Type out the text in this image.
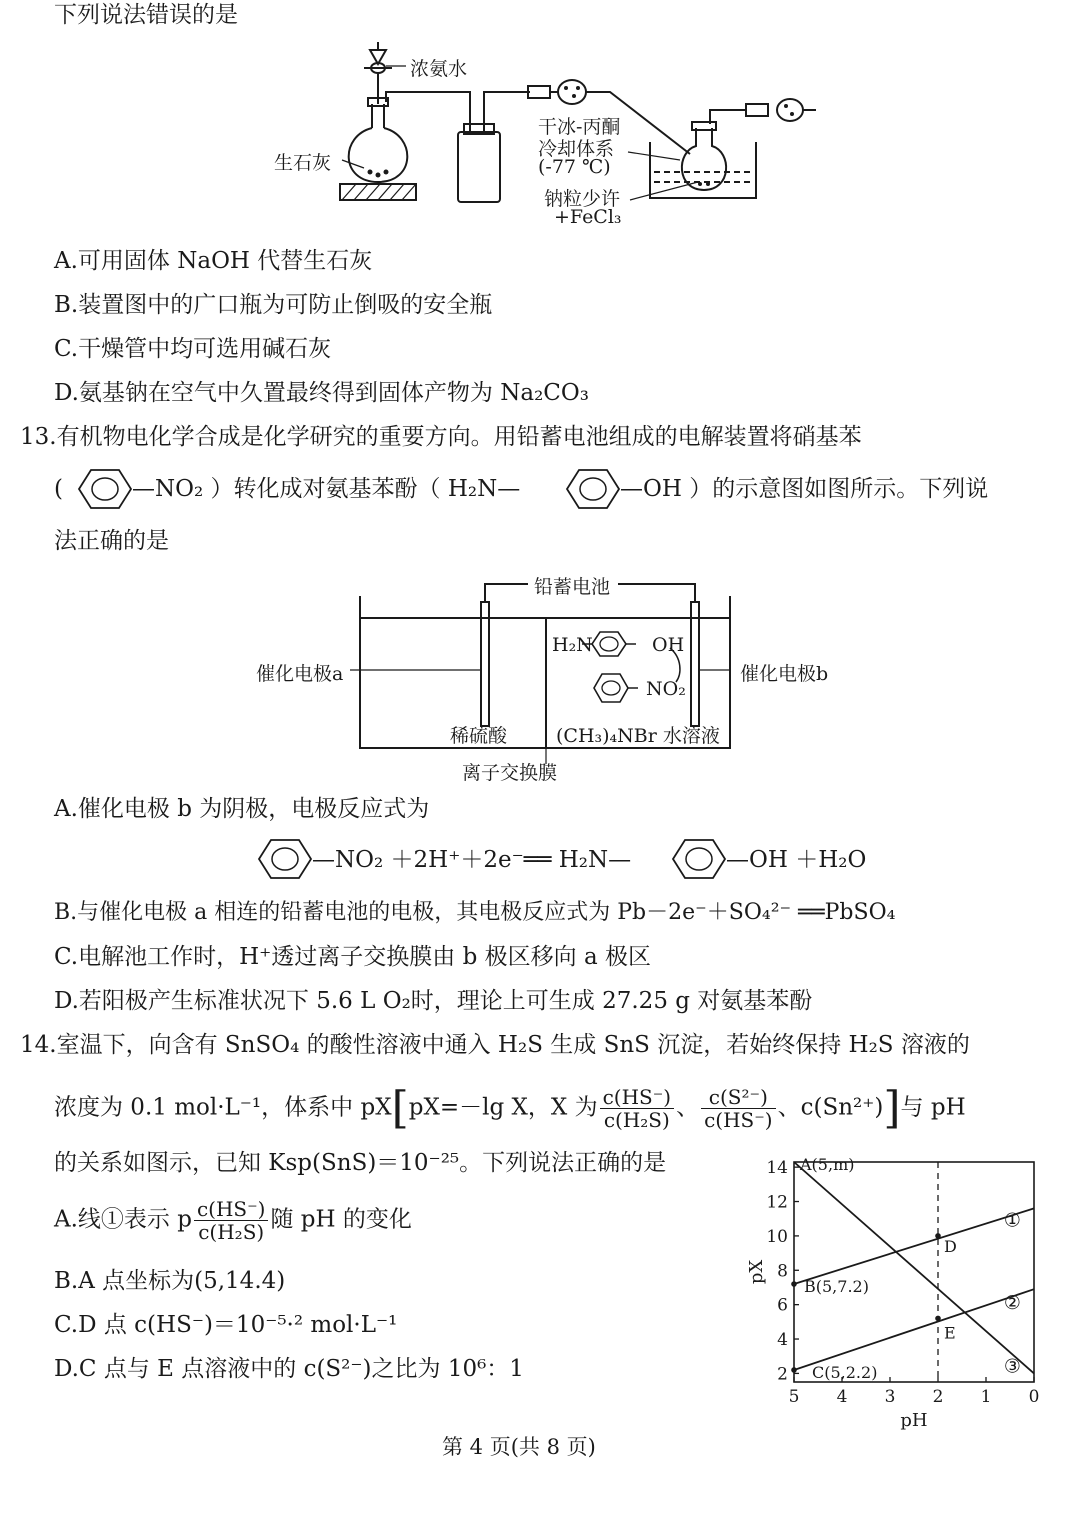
下列说法错误的是
浓氨水
生石灰
干冰-丙酮
冷却体系
(-77 ℃)
钠粒少许
+FeCl₃
A.可用固体 NaOH 代替生石灰
B.装置图中的广口瓶为可防止倒吸的安全瓶
C.干燥管中均可选用碱石灰
D.氨基钠在空气中久置最终得到固体产物为 Na₂CO₃
13.有机物电化学合成是化学研究的重要方向。用铅蓄电池组成的电解装置将硝基苯
(	—NO₂ ）转化成对氨基苯酚（ H₂N—	—OH ）的示意图如图所示。下列说
法正确的是
铅蓄电池
催化电极a	催化电极b
H₂N	OH
NO₂
稀硫酸	(CH₃)₄NBr 水溶液
离子交换膜
A.催化电极 b 为阴极，电极反应式为
—NO₂ ＋2H⁺＋2e⁻══ H₂N—	—OH ＋H₂O
B.与催化电极 a 相连的铅蓄电池的电极，其电极反应式为 Pb－2e⁻＋SO₄²⁻ ══PbSO₄
C.电解池工作时，H⁺透过离子交换膜由 b 极区移向 a 极区
D.若阳极产生标准状况下 5.6 L O₂时，理论上可生成 27.25 g 对氨基苯酚
14.室温下，向含有 SnSO₄ 的酸性溶液中通入 H₂S 生成 SnS 沉淀，若始终保持 H₂S 溶液的
浓度为 0.1 mol·L⁻¹，体系中 pX[pX=－lg X，X 为 $\frac{c(HS^-)}{\text{c(H₂S)}}$ 、 $\frac{\text{c(S²⁻)}}{c(HS^-)}$ 、c(Sn²⁺)]与 pH
的关系如图示，已知 Ksp(SnS)＝10⁻²⁵。下列说法正确的是
A.线①表示 p $\frac{c(HS^-)}{\text{c(H₂S)}}$ 随 pH 的变化
B.A 点坐标为(5,14.4)
C.D 点 c(HS⁻)＝10⁻⁵·² mol·L⁻¹
D.C 点与 E 点溶液中的 c(S²⁻)之比为 10⁶：1
5 4 3 2 1 0
2
4
6
8
10
12
14
pH
pX
①
②
③
A(5,m)
B(5,7.2)
C(5,2.2)
D
E
第 4 页(共 8 页)
